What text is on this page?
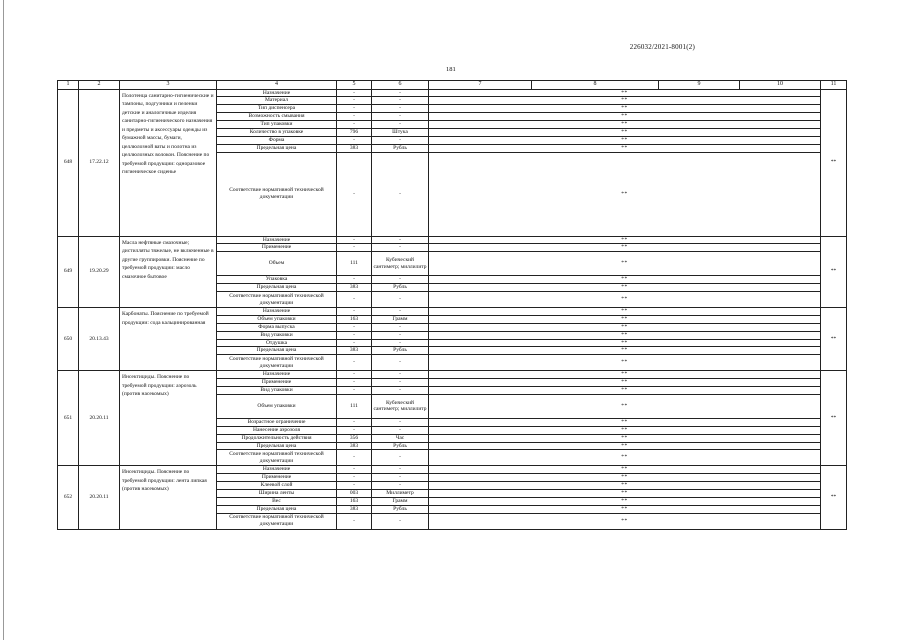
226032/2021-8001(2)
181
1	2	3	4	5	6	7	8	9	10	11
648	17.22.12	Полотенца санитарно-гигиенические и тампоны, подгузники и пеленки детские и аналогичные изделия санитарно-гигиенического назначения и предметы и аксессуары одежды из бумажной массы, бумаги, целлюлозной ваты и полотна из целлюлозных волокон. Пояснение по требуемой продукции: одноразовое гигиеническое сиденье	Назначение	-	-	**				**
			Материал	-	-	**				
			Тип диспенсера	-	-	**				
			Возможность смывания	-	-	**				
			Тип упаковки	-	-	**				
			Количество в упаковке	796	Штука	**				
			Форма	-	-	**				
			Предельная цена	383	Рубль	**				
			Соответствие нормативной технической документации	-	-	**				
649	19.20.29	Масла нефтяные смазочные; дистилляты тяжелые, не включенные в другие группировки. Пояснение по требуемой продукции: масло смазочное бытовое	Назначение	-	-	**				**
			Применение	-	-	**				
			Объем	111	Кубический сантиметр; миллилитр	**				
			Упаковка	-	-	**				
			Предельная цена	383	Рубль	**				
			Соответствие нормативной технической документации	-	-	**				
650	20.13.43	Карбонаты. Пояснение по требуемой продукции: сода кальцинированная	Назначение	-	-	**				**
			Объем упаковки	163	Грамм	**				
			Форма выпуска	-	-	**				
			Вид упаковки	-	-	**				
			Отдушка	-	-	**				
			Предельная цена	383	Рубль	**				
			Соответствие нормативной технической документации	-	-	**				
651	20.20.11	Инсектициды. Пояснение по требуемой продукции: аэрозоль (против насекомых)	Назначение	-	-	**				**
			Применение	-	-	**				
			Вид упаковки	-	-	**				
			Объем упаковки	111	Кубический сантиметр; миллилитр	**				
			Возрастное ограничение	-	-	**				
			Нанесение аэрозоля	-	-	**				
			Продолжительность действия	356	Час	**				
			Предельная цена	383	Рубль	**				
			Соответствие нормативной технической документации	-	-	**				
652	20.20.11	Инсектициды. Пояснение по требуемой продукции: лента липкая (против насекомых)	Назначение	-	-	**				**
			Применение	-	-	**				
			Клеевой слой	-	-	**				
			Ширина ленты	003	Миллиметр	**				
			Вес	163	Грамм	**				
			Предельная цена	383	Рубль	**				
			Соответствие нормативной технической документации	-	-	**				
